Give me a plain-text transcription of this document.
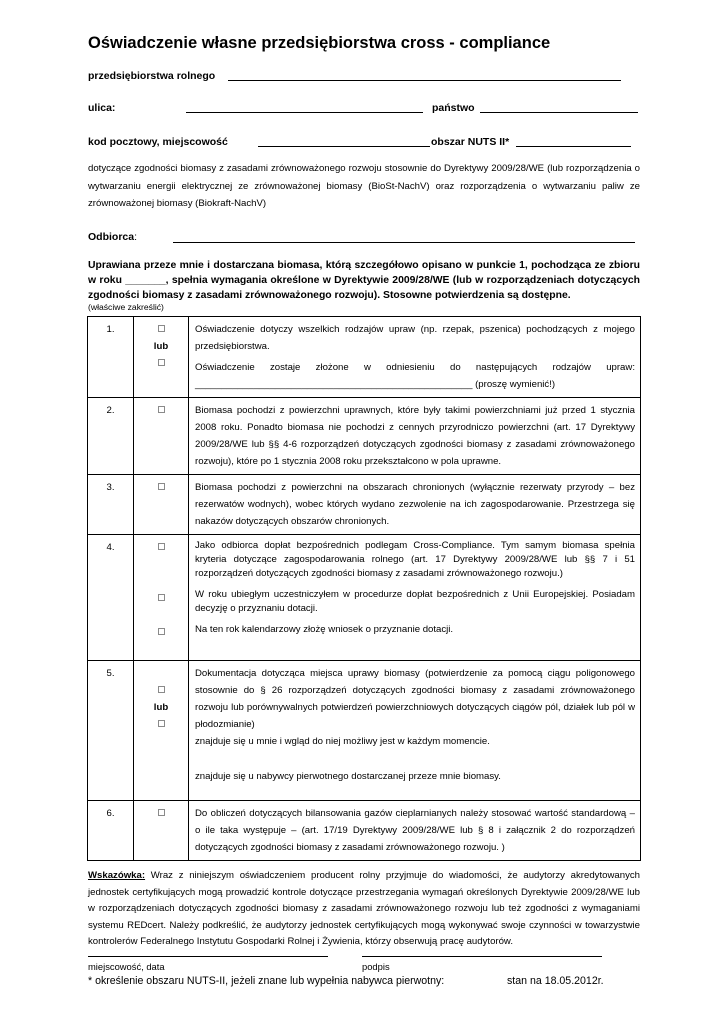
Oświadczenie własne przedsiębiorstwa cross - compliance
przedsiębiorstwa rolnego
ulica:	państwo
kod pocztowy, miejscowość	obszar NUTS II*
dotyczące zgodności biomasy z zasadami zrównoważonego rozwoju stosownie do Dyrektywy 2009/28/WE (lub rozporządzenia o wytwarzaniu energii elektrycznej ze zrównoważonej biomasy (BioSt-NachV) oraz rozporządzenia o wytwarzaniu paliw ze zrównoważonej biomasy (Biokraft-NachV)
Odbiorca:
Uprawiana przeze mnie i dostarczana biomasa, którą szczegółowo opisano w punkcie 1, pochodząca ze zbioru w roku _______, spełnia wymagania określone w Dyrektywie 2009/28/WE (lub w rozporządzeniach dotyczących zgodności biomasy z zasadami zrównoważonego rozwoju). Stosowne potwierdzenia są dostępne.
(właściwe zakreślić)
1.	lub	Oświadczenie dotyczy wszelkich rodzajów upraw (np. rzepak, pszenica) pochodzących z mojego przedsiębiorstwa.

Oświadczenie zostaje złożone w odniesieniu do następujących rodzajów upraw: ____________________________________________________ (proszę wymienić!)

2.		Biomasa pochodzi z powierzchni uprawnych, które były takimi powierzchniami już przed 1 stycznia 2008 roku. Ponadto biomasa nie pochodzi z cennych przyrodniczo powierzchni (art. 17 Dyrektywy 2009/28/WE lub §§ 4-6 rozporządzeń dotyczących zgodności biomasy z zasadami zrównoważonego rozwoju), które po 1 stycznia 2008 roku przekształcono w pola uprawne.

3.		Biomasa pochodzi z powierzchni na obszarach chronionych (wyłącznie rezerwaty przyrody – bez rezerwatów wodnych), wobec których wydano zezwolenie na ich zagospodarowanie. Przestrzega się nakazów dotyczących obszarów chronionych.

4.		Jako odbiorca dopłat bezpośrednich podlegam Cross-Compliance. Tym samym biomasa spełnia kryteria dotyczące zagospodarowania rolnego (art. 17 Dyrektywy 2009/28/WE lub §§ 7 i 51 rozporządzeń dotyczących zgodności biomasy z zasadami zrównoważonego rozwoju.)

W roku ubiegłym uczestniczyłem w procedurze dopłat bezpośrednich z Unii Europejskiej. Posiadam decyzję o przyznaniu dotacji.

Na ten rok kalendarzowy złożę wniosek o przyznanie dotacji.

5.	lub	Dokumentacja dotycząca miejsca uprawy biomasy (potwierdzenie za pomocą ciągu poligonowego stosownie do § 26 rozporządzeń dotyczących zgodności biomasy z zasadami zrównoważonego rozwoju lub porównywalnych potwierdzeń powierzchniowych dotyczących ciągów pól, działek lub pól w płodozmianie)

znajduje się u mnie i wgląd do niej możliwy jest w każdym momencie.

znajduje się u nabywcy pierwotnego dostarczanej przeze mnie biomasy.

6.		Do obliczeń dotyczących bilansowania gazów cieplarnianych należy stosować wartość standardową – o ile taka występuje – (art. 17/19 Dyrektywy 2009/28/WE lub § 8 i załącznik 2 do rozporządzeń dotyczących zgodności biomasy z zasadami zrównoważonego rozwoju. )

Wskazówka: Wraz z niniejszym oświadczeniem producent rolny przyjmuje do wiadomości, że audytorzy akredytowanych jednostek certyfikujących mogą prowadzić kontrole dotyczące przestrzegania wymagań określonych Dyrektywie 2009/28/WE lub w rozporządzeniach dotyczących zgodności biomasy z zasadami zrównoważonego rozwoju lub też zgodności z wymaganiami systemu REDcert. Należy podkreślić, że audytorzy jednostek certyfikujących mogą wykonywać swoje czynności w towarzystwie kontrolerów Federalnego Instytutu Gospodarki Rolnej i Żywienia, którzy obserwują pracę audytorów.
miejscowość, data	podpis
* określenie obszaru NUTS-II, jeżeli znane lub wypełnia nabywca pierwotny:	stan na 18.05.2012r.
